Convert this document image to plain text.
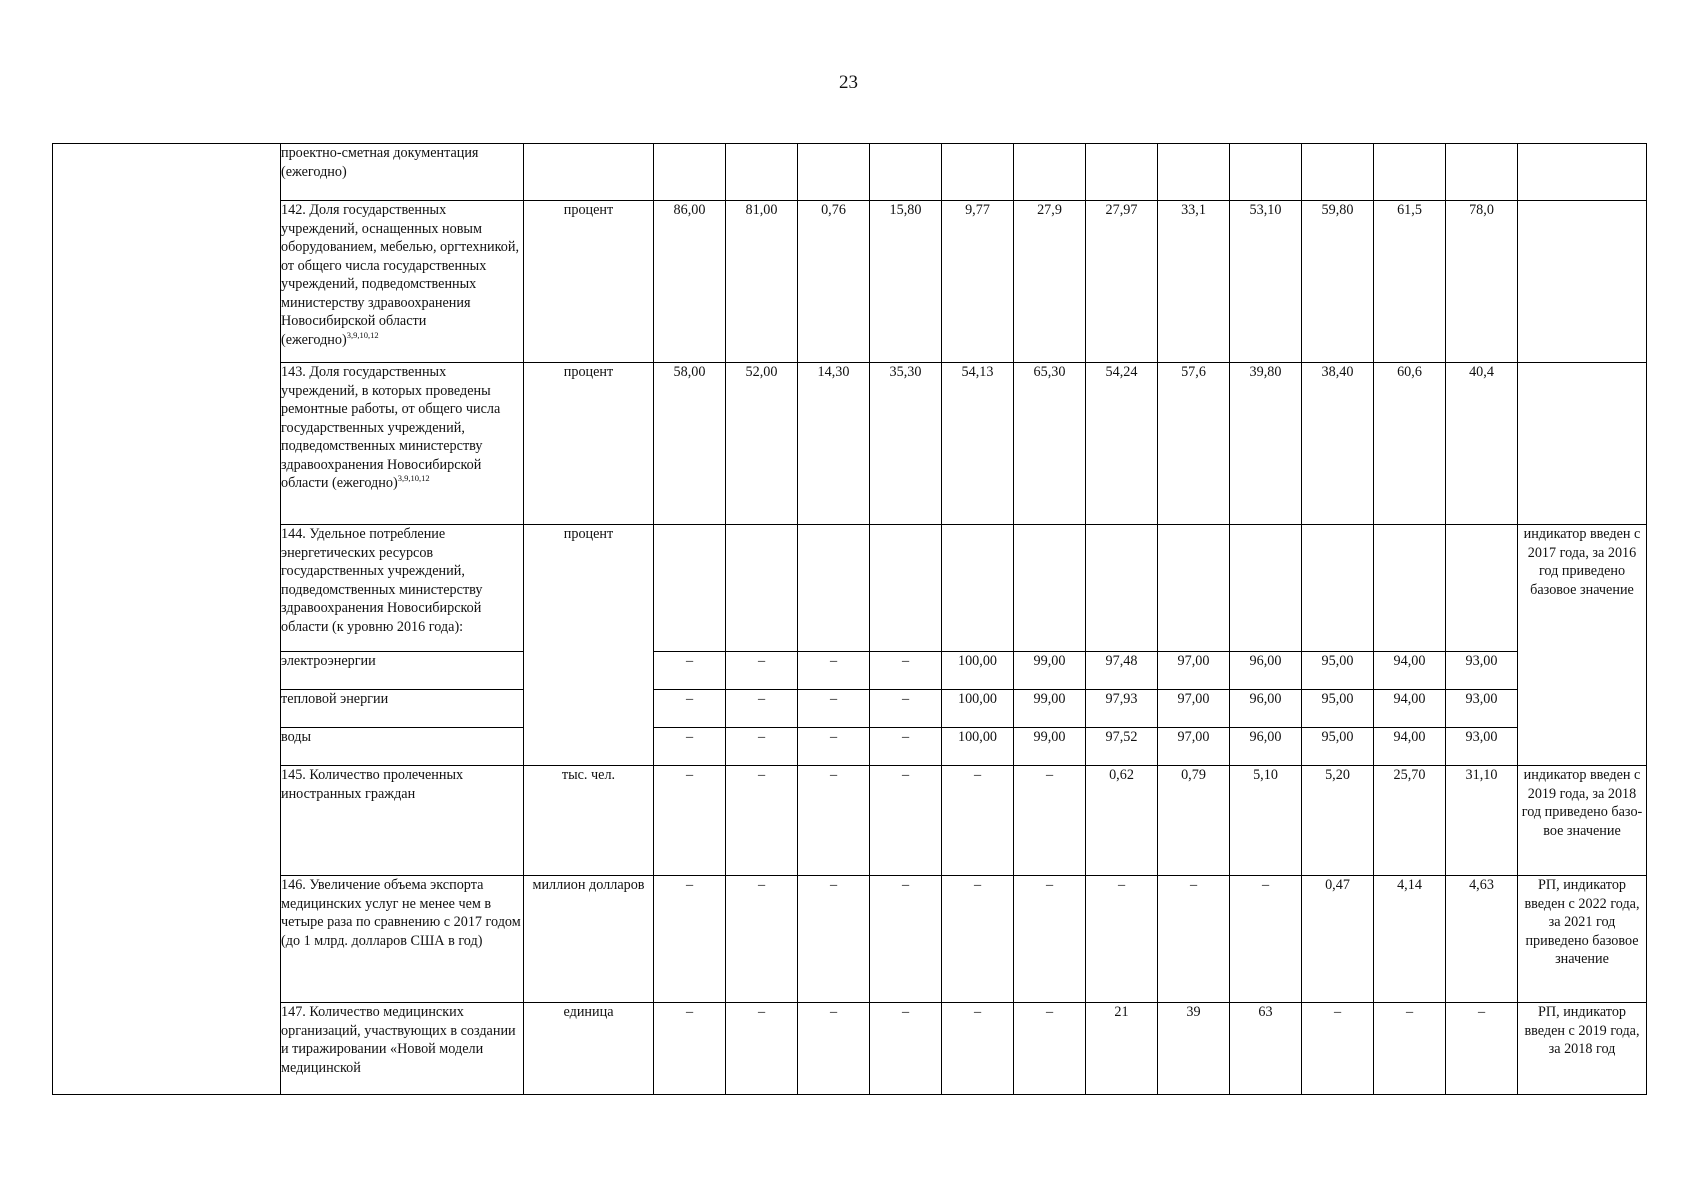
23
	проектно-сметная документация (ежегодно)														
	142. Доля государственных учреждений, оснащенных новым оборудованием, мебелью, оргтехникой, от общего числа государственных учреждений, подведомственных министерству здравоохранения Новосибирской области (ежегодно)$^{3,9,10,12}$	процент	86,00	81,00	0,76	15,80	9,77	27,9	27,97	33,1	53,10	59,80	61,5	78,0	
	143. Доля государственных учреждений, в которых проведены ремонтные работы, от общего числа государственных учреждений, подведомственных министерству здравоохранения Новосибирской области (ежегодно)$^{3,9,10,12}$	процент	58,00	52,00	14,30	35,30	54,13	65,30	54,24	57,6	39,80	38,40	60,6	40,4	
	144. Удельное потребление энергетических ресурсов государственных учреждений, подведомственных министерству здравоохранения Новосибирской области (к уровню 2016 года):	процент													индикатор введен с 2017 года, за 2016 год приведено базовое значение
	электроэнергии		–	–	–	–	100,00	99,00	97,48	97,00	96,00	95,00	94,00	93,00	
	тепловой энергии		–	–	–	–	100,00	99,00	97,93	97,00	96,00	95,00	94,00	93,00	
	воды		–	–	–	–	100,00	99,00	97,52	97,00	96,00	95,00	94,00	93,00	
	145. Количество пролеченных иностранных граждан	тыс. чел.	–	–	–	–	–	–	0,62	0,79	5,10	5,20	25,70	31,10	индикатор введен с 2019 года, за 2018 год приведено базо-вое значение
	146. Увеличение объема экспорта медицинских услуг не менее чем в четыре раза по сравнению с 2017 годом (до 1 млрд. долларов США в год)	миллион долларов	–	–	–	–	–	–	–	–	–	0,47	4,14	4,63	РП, индикатор введен с 2022 года, за 2021 год приведено базовое значение
	147. Количество медицинских организаций, участвующих в создании и тиражировании «Новой модели медицинской	единица	–	–	–	–	–	–	21	39	63	–	–	–	РП, индикатор введен с 2019 года, за 2018 год
